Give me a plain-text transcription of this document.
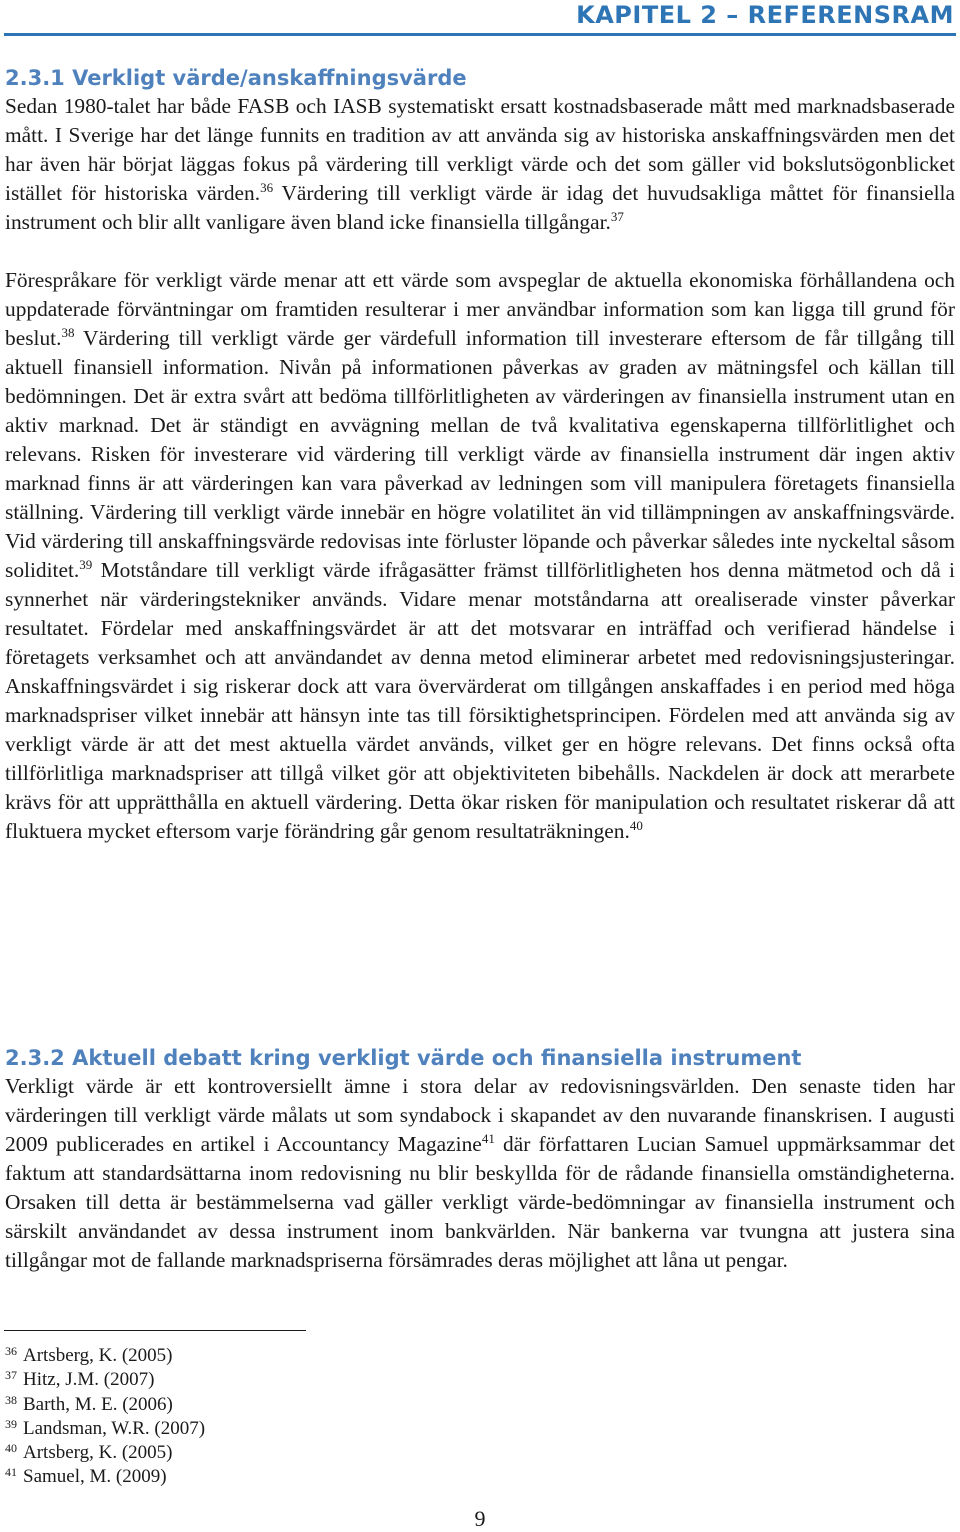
KAPITEL 2 – REFERENSRAM
2.3.1 Verkligt värde/anskaffningsvärde

Sedan 1980-talet har både FASB och IASB systematiskt ersatt kostnadsbaserade mått med marknadsbaserade mått. I Sverige har det länge funnits en tradition av att använda sig av historiska anskaffningsvärden men det har även här börjat läggas fokus på värdering till verkligt värde och det som gäller vid bokslutsögonblicket istället för historiska värden.$^{36}$ Värdering till verkligt värde är idag det huvudsakliga måttet för finansiella instrument och blir allt vanligare även bland icke finansiella tillgångar.$^{37}$

Förespråkare för verkligt värde menar att ett värde som avspeglar de aktuella ekonomiska förhållandena och uppdaterade förväntningar om framtiden resulterar i mer användbar information som kan ligga till grund för beslut.$^{38}$ Värdering till verkligt värde ger värdefull information till investerare eftersom de får tillgång till aktuell finansiell information. Nivån på informationen påverkas av graden av mätningsfel och källan till bedömningen. Det är extra svårt att bedöma tillförlitligheten av värderingen av finansiella instrument utan en aktiv marknad. Det är ständigt en avvägning mellan de två kvalitativa egenskaperna tillförlitlighet och relevans. Risken för investerare vid värdering till verkligt värde av finansiella instrument där ingen aktiv marknad finns är att värderingen kan vara påverkad av ledningen som vill manipulera företagets finansiella ställning. Värdering till verkligt värde innebär en högre volatilitet än vid tillämpningen av anskaffningsvärde. Vid värdering till anskaffningsvärde redovisas inte förluster löpande och påverkar således inte nyckeltal såsom soliditet.$^{39}$ Motståndare till verkligt värde ifrågasätter främst tillförlitligheten hos denna mätmetod och då i synnerhet när värderingstekniker används. Vidare menar motståndarna att orealiserade vinster påverkar resultatet. Fördelar med anskaffningsvärdet är att det motsvarar en inträffad och verifierad händelse i företagets verksamhet och att användandet av denna metod eliminerar arbetet med redovisningsjusteringar. Anskaffningsvärdet i sig riskerar dock att vara övervärderat om tillgången anskaffades i en period med höga marknadspriser vilket innebär att hänsyn inte tas till försiktighetsprincipen. Fördelen med att använda sig av verkligt värde är att det mest aktuella värdet används, vilket ger en högre relevans. Det finns också ofta tillförlitliga marknadspriser att tillgå vilket gör att objektiviteten bibehålls. Nackdelen är dock att merarbete krävs för att upprätthålla en aktuell värdering. Detta ökar risken för manipulation och resultatet riskerar då att fluktuera mycket eftersom varje förändring går genom resultaträkningen.$^{40}$

2.3.2 Aktuell debatt kring verkligt värde och finansiella instrument

Verkligt värde är ett kontroversiellt ämne i stora delar av redovisningsvärlden. Den senaste tiden har värderingen till verkligt värde målats ut som syndabock i skapandet av den nuvarande finanskrisen. I augusti 2009 publicerades en artikel i Accountancy Magazine$^{41}$ där författaren Lucian Samuel uppmärksammar det faktum att standardsättarna inom redovisning nu blir beskyllda för de rådande finansiella omständigheterna. Orsaken till detta är bestämmelserna vad gäller verkligt värde-bedömningar av finansiella instrument och särskilt användandet av dessa instrument inom bankvärlden. När bankerna var tvungna att justera sina tillgångar mot de fallande marknadspriserna försämrades deras möjlighet att låna ut pengar.

$^{36}$ Artsberg, K. (2005)
$^{37}$ Hitz, J.M. (2007)
$^{38}$ Barth, M. E. (2006)
$^{39}$ Landsman, W.R. (2007)
$^{40}$ Artsberg, K. (2005)
$^{41}$ Samuel, M. (2009)
9
